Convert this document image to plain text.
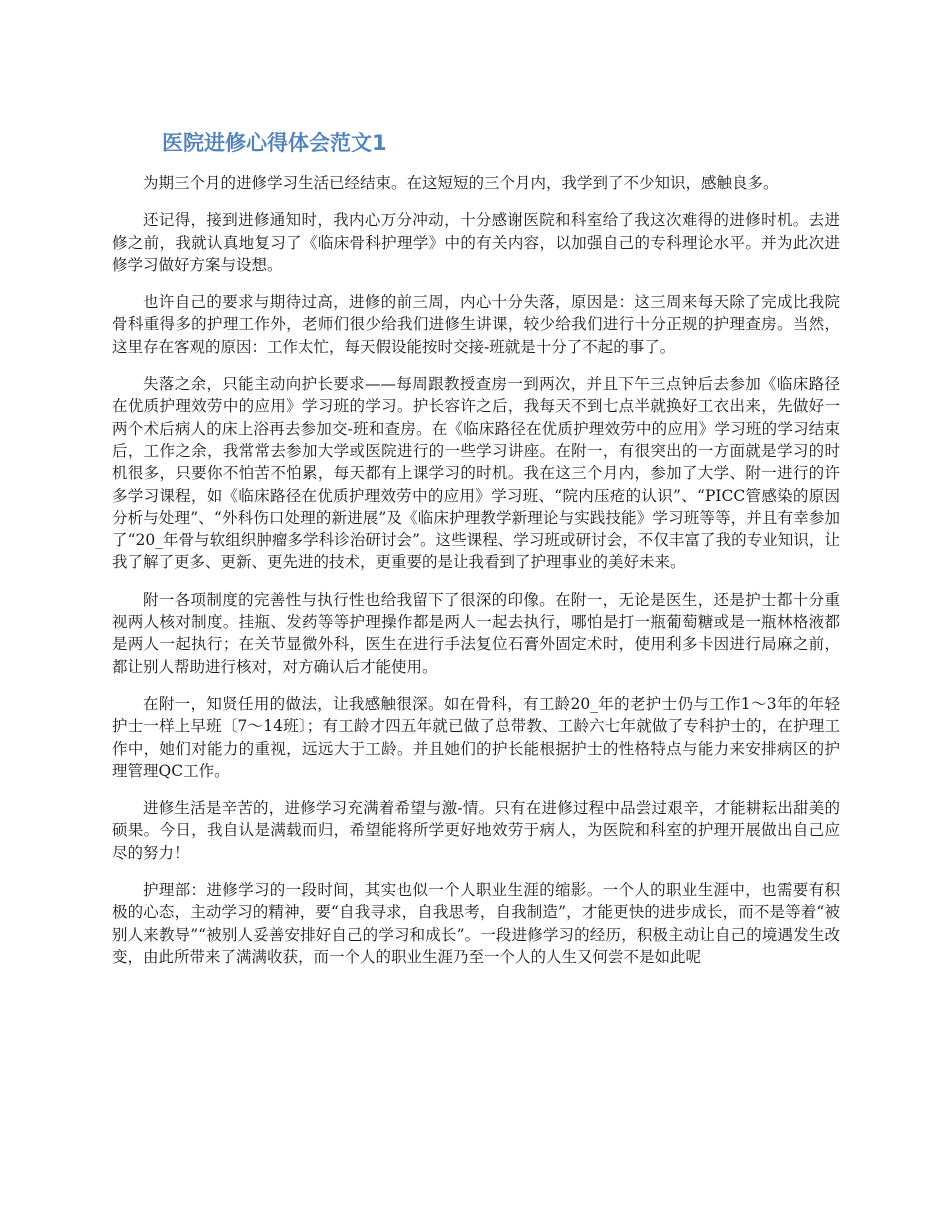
医院进修心得体会范文1

为期三个月的进修学习生活已经结束。在这短短的三个月内，我学到了不少知识，感触良多。

还记得，接到进修通知时，我内心万分冲动，十分感谢医院和科室给了我这次难得的进修时机。去进修之前，我就认真地复习了《临床骨科护理学》中的有关内容，以加强自己的专科理论水平。并为此次进修学习做好方案与设想。

也许自己的要求与期待过高，进修的前三周，内心十分失落，原因是：这三周来每天除了完成比我院骨科重得多的护理工作外，老师们很少给我们进修生讲课，较少给我们进行十分正规的护理查房。当然，这里存在客观的原因：工作太忙，每天假设能按时交接-班就是十分了不起的事了。

失落之余，只能主动向护长要求——每周跟教授查房一到两次，并且下午三点钟后去参加《临床路径在优质护理效劳中的应用》学习班的学习。护长容许之后，我每天不到七点半就换好工衣出来，先做好一两个术后病人的床上浴再去参加交-班和查房。在《临床路径在优质护理效劳中的应用》学习班的学习结束后，工作之余，我常常去参加大学或医院进行的一些学习讲座。在附一，有很突出的一方面就是学习的时机很多，只要你不怕苦不怕累，每天都有上课学习的时机。我在这三个月内，参加了大学、附一进行的许多学习课程，如《临床路径在优质护理效劳中的应用》学习班、“院内压疮的认识”、“PICC管感染的原因分析与处理”、“外科伤口处理的新进展”及《临床护理教学新理论与实践技能》学习班等等，并且有幸参加了“20_年骨与软组织肿瘤多学科诊治研讨会”。这些课程、学习班或研讨会，不仅丰富了我的专业知识，让我了解了更多、更新、更先进的技术，更重要的是让我看到了护理事业的美好未来。

附一各项制度的完善性与执行性也给我留下了很深的印像。在附一，无论是医生，还是护士都十分重视两人核对制度。挂瓶、发药等等护理操作都是两人一起去执行，哪怕是打一瓶葡萄糖或是一瓶林格液都是两人一起执行；在关节显微外科，医生在进行手法复位石膏外固定术时，使用利多卡因进行局麻之前，都让别人帮助进行核对，对方确认后才能使用。

在附一，知贤任用的做法，让我感触很深。如在骨科，有工龄20_年的老护士仍与工作1～3年的年轻护士一样上早班〔7～14班〕；有工龄才四五年就已做了总带教、工龄六七年就做了专科护士的，在护理工作中，她们对能力的重视，远远大于工龄。并且她们的护长能根据护士的性格特点与能力来安排病区的护理管理QC工作。

进修生活是辛苦的，进修学习充满着希望与激-情。只有在进修过程中品尝过艰辛，才能耕耘出甜美的硕果。今日，我自认是满载而归，希望能将所学更好地效劳于病人，为医院和科室的护理开展做出自己应尽的努力！

护理部：进修学习的一段时间，其实也似一个人职业生涯的缩影。一个人的职业生涯中，也需要有积极的心态，主动学习的精神，要“自我寻求，自我思考，自我制造”，才能更快的进步成长，而不是等着“被别人来教导”“被别人妥善安排好自己的学习和成长”。一段进修学习的经历，积极主动让自己的境遇发生改变，由此所带来了满满收获，而一个人的职业生涯乃至一个人的人生又何尝不是如此呢
